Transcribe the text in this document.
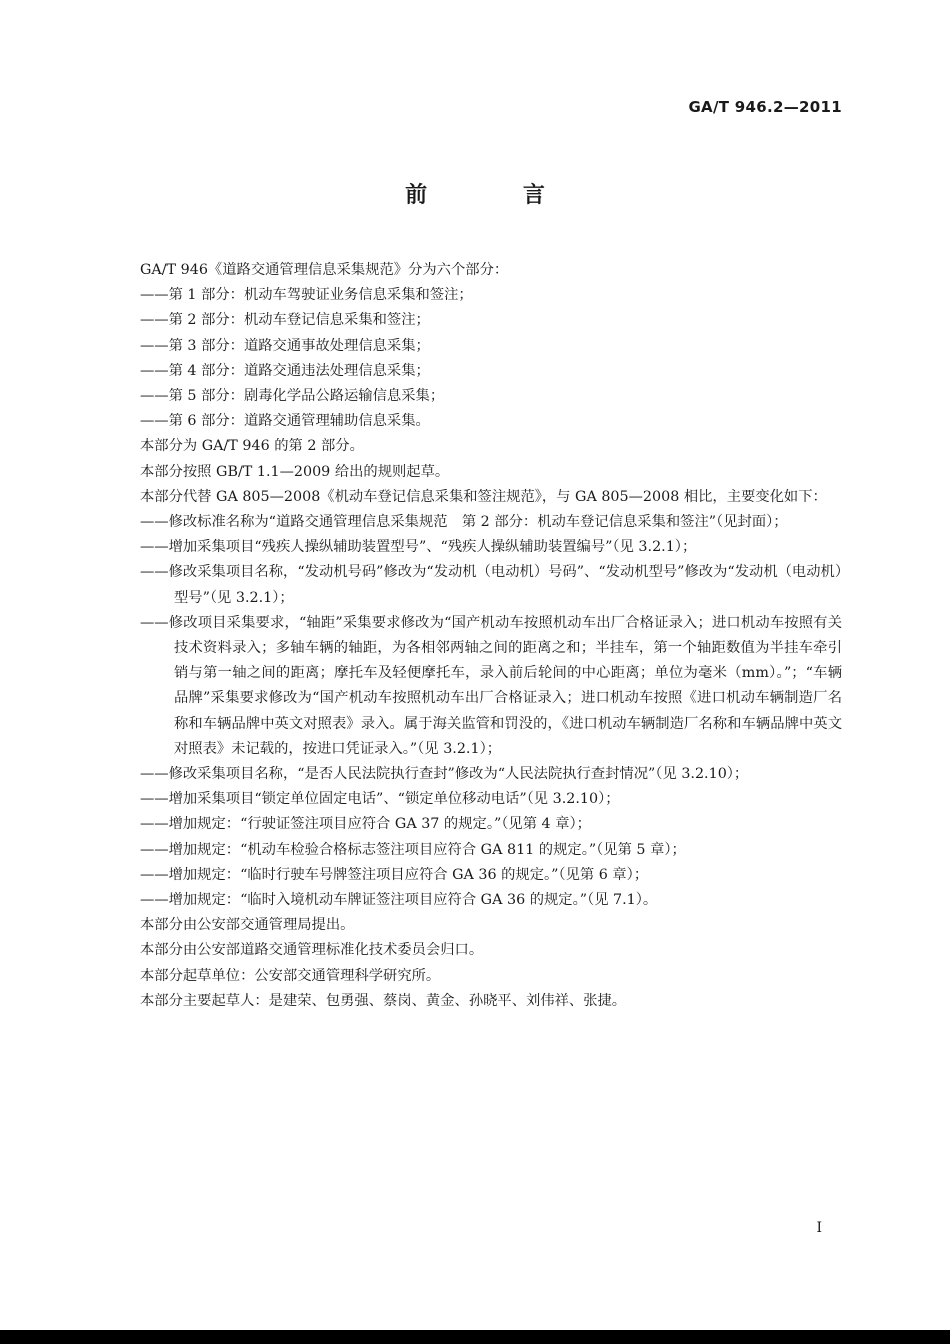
GA/T 946.2—2011
前 言

GA/T 946《道路交通管理信息采集规范》分为六个部分：

——第 1 部分：机动车驾驶证业务信息采集和签注；

——第 2 部分：机动车登记信息采集和签注；

——第 3 部分：道路交通事故处理信息采集；

——第 4 部分：道路交通违法处理信息采集；

——第 5 部分：剧毒化学品公路运输信息采集；

——第 6 部分：道路交通管理辅助信息采集。

本部分为 GA/T 946 的第 2 部分。

本部分按照 GB/T 1.1—2009 给出的规则起草。

本部分代替 GA 805—2008《机动车登记信息采集和签注规范》，与 GA 805—2008 相比，主要变化如下：

——修改标准名称为“道路交通管理信息采集规范　第 2 部分：机动车登记信息采集和签注”（见封面）；

——增加采集项目“残疾人操纵辅助装置型号”、“残疾人操纵辅助装置编号”（见 3.2.1）；

——修改采集项目名称，“发动机号码”修改为“发动机（电动机）号码”、“发动机型号”修改为“发动机（电动机）型号”（见 3.2.1）；

——修改项目采集要求，“轴距”采集要求修改为“国产机动车按照机动车出厂合格证录入；进口机动车按照有关技术资料录入；多轴车辆的轴距，为各相邻两轴之间的距离之和；半挂车，第一个轴距数值为半挂车牵引销与第一轴之间的距离；摩托车及轻便摩托车，录入前后轮间的中心距离；单位为毫米（mm）。”；“车辆品牌”采集要求修改为“国产机动车按照机动车出厂合格证录入；进口机动车按照《进口机动车辆制造厂名称和车辆品牌中英文对照表》录入。属于海关监管和罚没的，《进口机动车辆制造厂名称和车辆品牌中英文对照表》未记载的，按进口凭证录入。”（见 3.2.1）；

——修改采集项目名称，“是否人民法院执行查封”修改为“人民法院执行查封情况”（见 3.2.10）；

——增加采集项目“锁定单位固定电话”、“锁定单位移动电话”（见 3.2.10）；

——增加规定：“行驶证签注项目应符合 GA 37 的规定。”（见第 4 章）；

——增加规定：“机动车检验合格标志签注项目应符合 GA 811 的规定。”（见第 5 章）；

——增加规定：“临时行驶车号牌签注项目应符合 GA 36 的规定。”（见第 6 章）；

——增加规定：“临时入境机动车牌证签注项目应符合 GA 36 的规定。”（见 7.1）。

本部分由公安部交通管理局提出。

本部分由公安部道路交通管理标准化技术委员会归口。

本部分起草单位：公安部交通管理科学研究所。

本部分主要起草人：是建荣、包勇强、蔡岗、黄金、孙晓平、刘伟祥、张捷。

I
